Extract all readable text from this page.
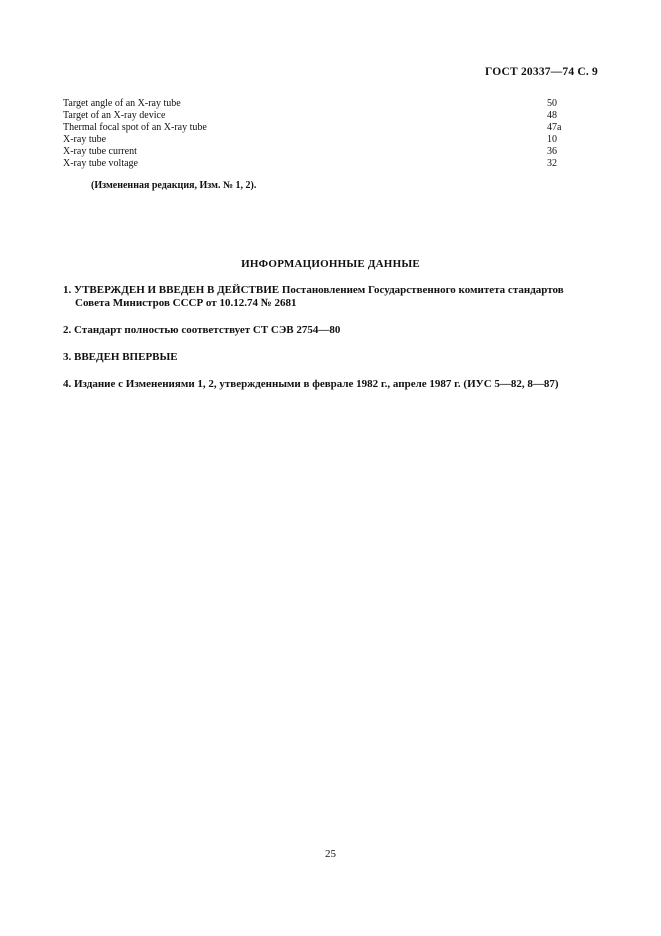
ГОСТ 20337—74 С. 9
Target angle of an X-ray tube	50
Target of an X-ray device	48
Thermal focal spot of an X-ray tube	47а
X-ray tube	10
X-ray tube current	36
X-ray tube voltage	32
(Измененная редакция, Изм. № 1, 2).
ИНФОРМАЦИОННЫЕ ДАННЫЕ
1. УТВЕРЖДЕН И ВВЕДЕН В ДЕЙСТВИЕ Постановлением Государственного комитета стандартов
Совета Министров СССР от 10.12.74 № 2681
2. Стандарт полностью соответствует СТ СЭВ 2754—80
3. ВВЕДЕН ВПЕРВЫЕ
4. Издание с Изменениями 1, 2, утвержденными в феврале 1982 г., апреле 1987 г. (ИУС 5—82, 8—87)
25
